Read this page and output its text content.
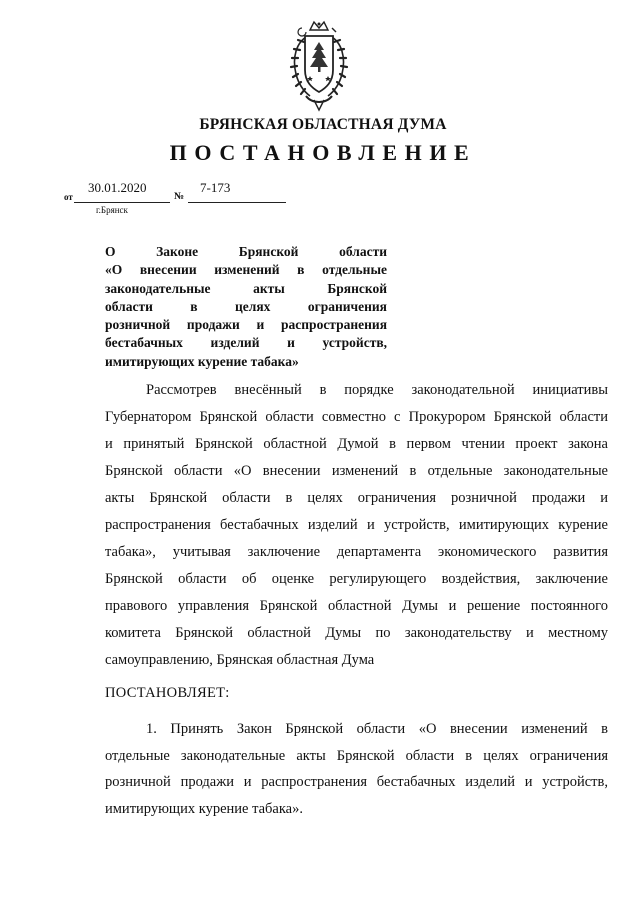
БРЯНСКАЯ ОБЛАСТНАЯ ДУМА
ПОСТАНОВЛЕНИЕ
от
30.01.2020
№
7-173
г.Брянск
О Законе Брянской области
«О внесении изменений в отдельные
законодательные акты Брянской
области в целях ограничения
розничной продажи и распространения
бестабачных изделий и устройств,
имитирующих курение табака»
Рассмотрев внесённый в порядке законодательной инициативы
Губернатором Брянской области совместно с Прокурором Брянской области
и принятый Брянской областной Думой в первом чтении проект закона
Брянской области «О внесении изменений в отдельные законодательные
акты Брянской области в целях ограничения розничной продажи и
распространения бестабачных изделий и устройств, имитирующих курение
табака», учитывая заключение департамента экономического развития
Брянской области об оценке регулирующего воздействия, заключение
правового управления Брянской областной Думы и решение постоянного
комитета Брянской областной Думы по законодательству и местному
самоуправлению, Брянская областная Дума
ПОСТАНОВЛЯЕТ:
1. Принять Закон Брянской области «О внесении изменений в
отдельные законодательные акты Брянской области в целях ограничения
розничной продажи и распространения бестабачных изделий и устройств,
имитирующих курение табака».
